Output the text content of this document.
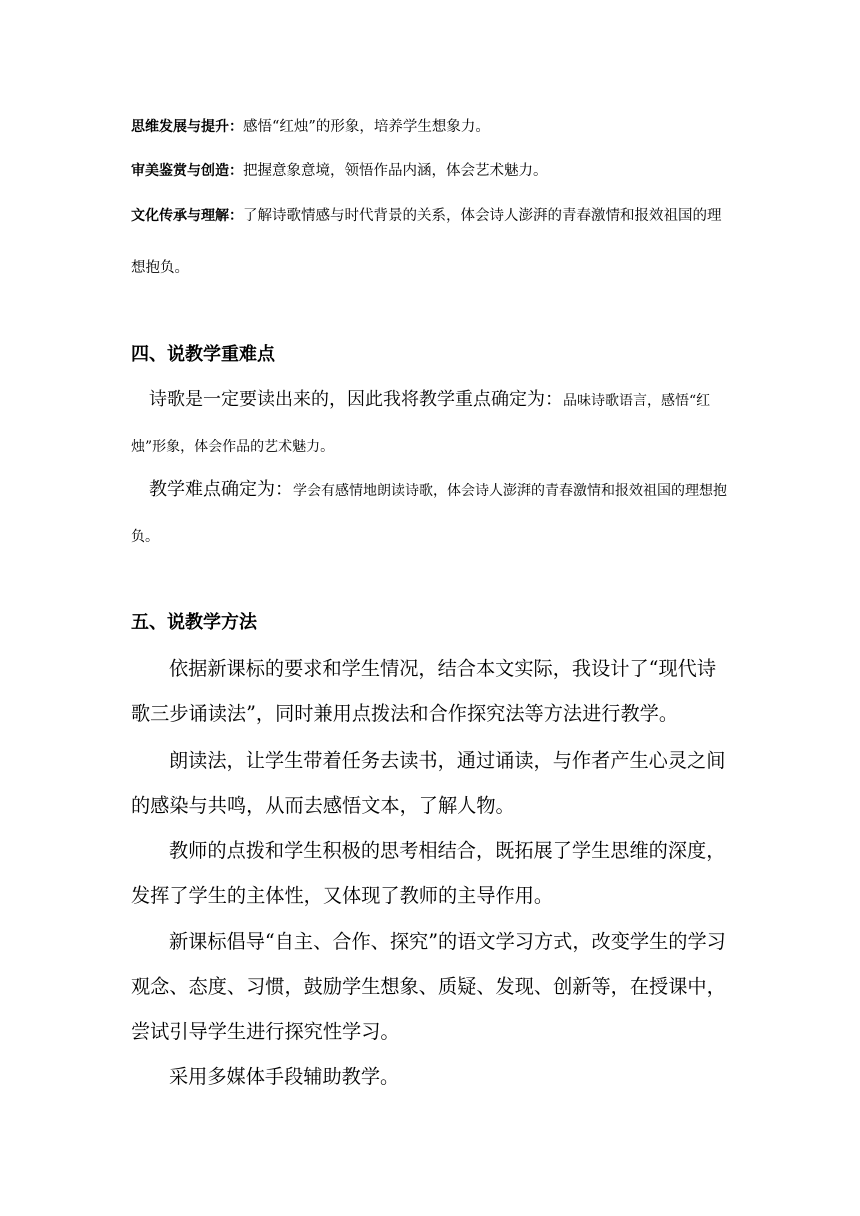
思维发展与提升：感悟“红烛”的形象，培养学生想象力。

审美鉴赏与创造：把握意象意境，领悟作品内涵，体会艺术魅力。

文化传承与理解：了解诗歌情感与时代背景的关系，体会诗人澎湃的青春激情和报效祖国的理想抱负。

四、说教学重难点

诗歌是一定要读出来的，因此我将教学重点确定为：品味诗歌语言，感悟“红烛”形象，体会作品的艺术魅力。

教学难点确定为：学会有感情地朗读诗歌，体会诗人澎湃的青春激情和报效祖国的理想抱负。

五、说教学方法

依据新课标的要求和学生情况，结合本文实际，我设计了“现代诗歌三步诵读法”，同时兼用点拨法和合作探究法等方法进行教学。

朗读法，让学生带着任务去读书，通过诵读，与作者产生心灵之间的感染与共鸣，从而去感悟文本，了解人物。

教师的点拨和学生积极的思考相结合，既拓展了学生思维的深度，发挥了学生的主体性，又体现了教师的主导作用。

新课标倡导“自主、合作、探究”的语文学习方式，改变学生的学习观念、态度、习惯，鼓励学生想象、质疑、发现、创新等，在授课中，尝试引导学生进行探究性学习。

采用多媒体手段辅助教学。
